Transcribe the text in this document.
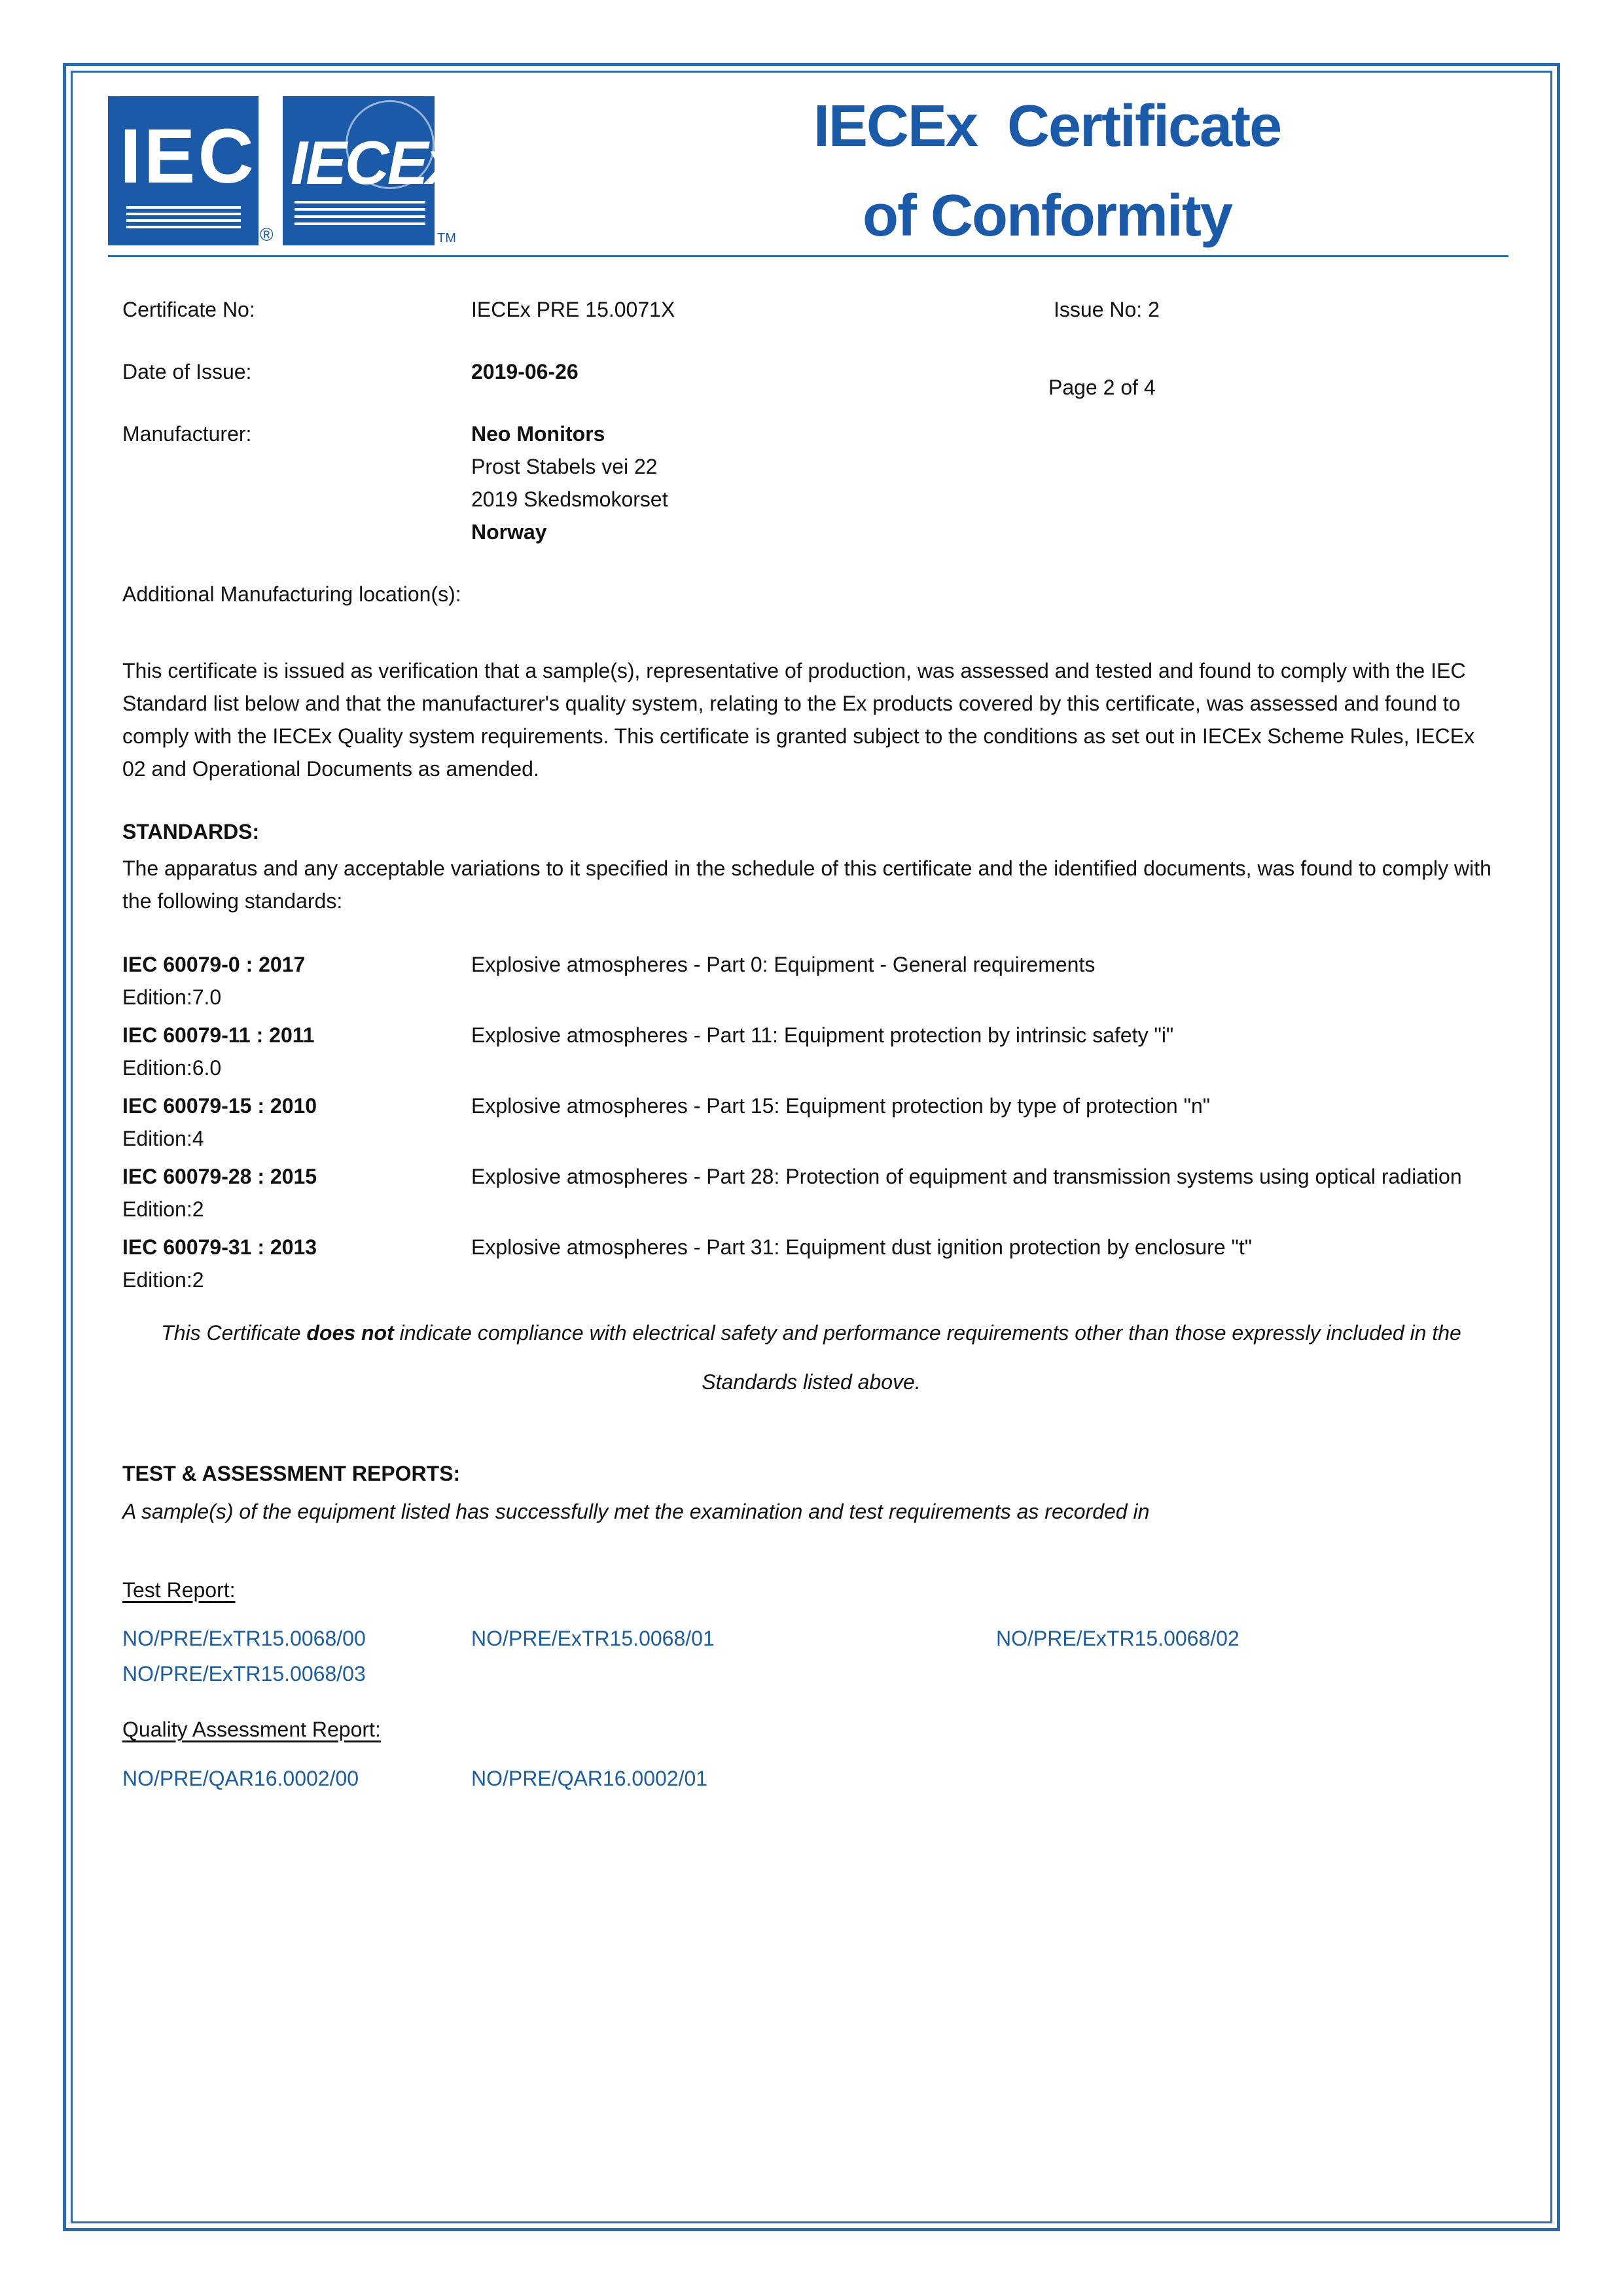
IEC
®
IECEx
TM
IECEx  Certificate
of Conformity
Certificate No:	IECEx PRE 15.0071X	Issue No: 2
Date of Issue:	2019-06-26
Page 2 of 4
Manufacturer:	Neo Monitors
Prost Stabels vei 22
2019 Skedsmokorset
Norway
Additional Manufacturing location(s):
This certificate is issued as verification that a sample(s), representative of production, was assessed and tested and found to comply with the IEC Standard list below and that the manufacturer's quality system, relating to the Ex products covered by this certificate, was assessed and found to comply with the IECEx Quality system requirements. This certificate is granted subject to the conditions as set out in IECEx Scheme Rules, IECEx 02 and Operational Documents as amended.
STANDARDS:
The apparatus and any acceptable variations to it specified in the schedule of this certificate and the identified documents, was found to comply with the following standards:
IEC 60079-0 : 2017	Explosive atmospheres - Part 0: Equipment - General requirements
Edition:7.0
IEC 60079-11 : 2011	Explosive atmospheres - Part 11: Equipment protection by intrinsic safety "i"
Edition:6.0
IEC 60079-15 : 2010	Explosive atmospheres - Part 15: Equipment protection by type of protection "n"
Edition:4
IEC 60079-28 : 2015	Explosive atmospheres - Part 28: Protection of equipment and transmission systems using optical radiation
Edition:2
IEC 60079-31 : 2013	Explosive atmospheres - Part 31: Equipment dust ignition protection by enclosure "t"
Edition:2
This Certificate does not indicate compliance with electrical safety and performance requirements other than those expressly included in the
Standards listed above.
TEST & ASSESSMENT REPORTS:
A sample(s) of the equipment listed has successfully met the examination and test requirements as recorded in
Test Report:
NO/PRE/ExTR15.0068/00	NO/PRE/ExTR15.0068/01	NO/PRE/ExTR15.0068/02
NO/PRE/ExTR15.0068/03
Quality Assessment Report:
NO/PRE/QAR16.0002/00	NO/PRE/QAR16.0002/01
